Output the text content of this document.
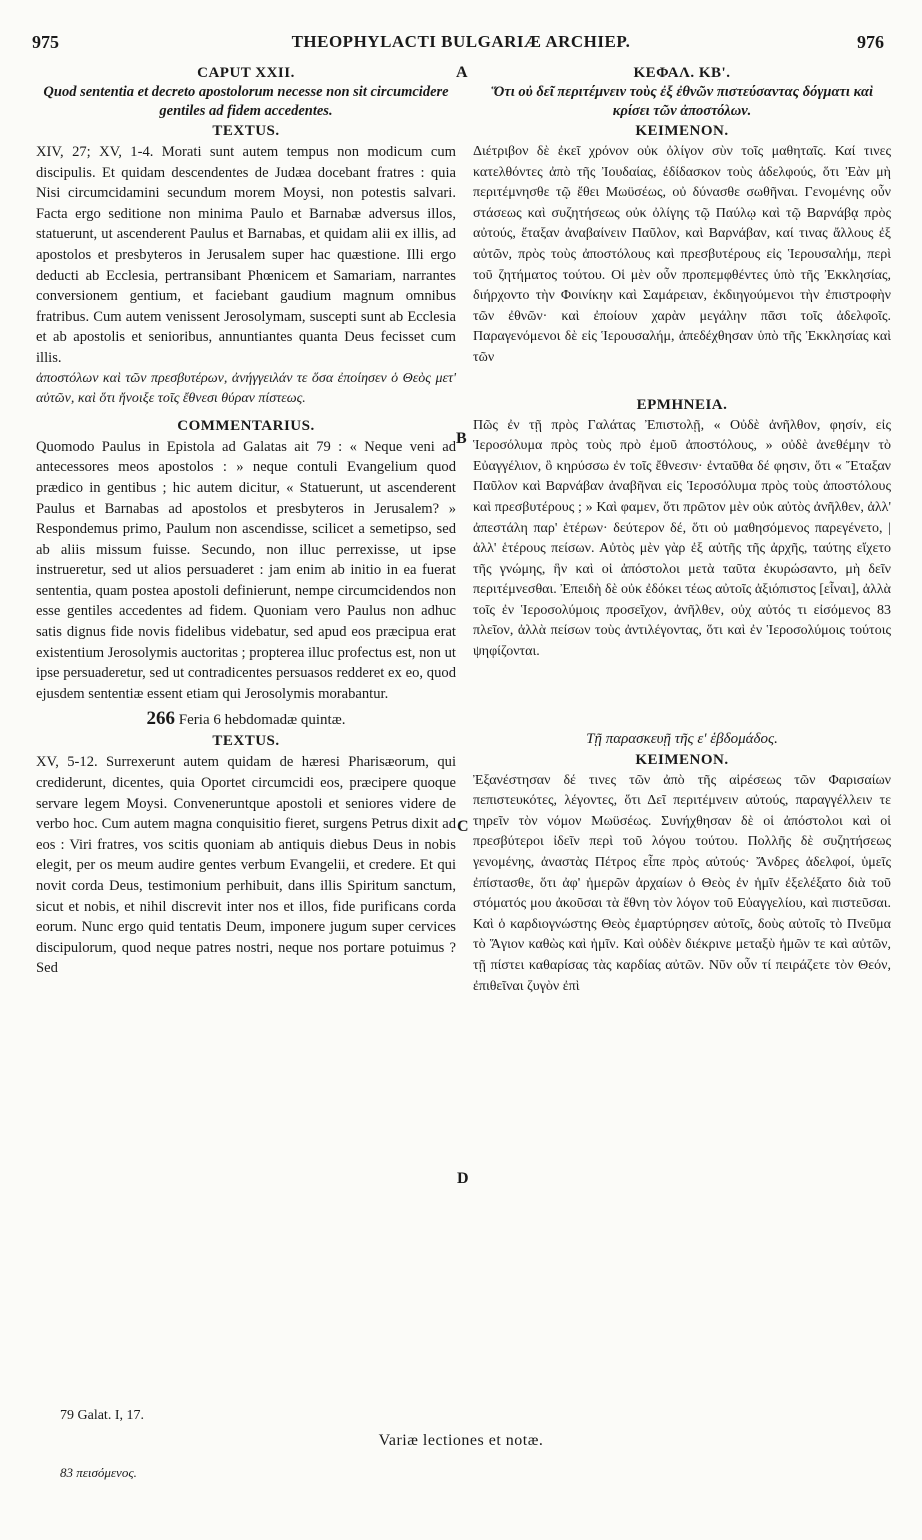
975	THEOPHYLACTI BULGARIÆ ARCHIEP.	976
A
B
C
D
CAPUT XXII.
Quod sententia et decreto apostolorum necesse non sit circumcidere gentiles ad fidem accedentes.
TEXTUS.
XIV, 27; XV, 1-4. Morati sunt autem tempus non modicum cum discipulis. Et quidam descendentes de Judæa docebant fratres : quia Nisi circumcidamini secundum morem Moysi, non potestis salvari. Facta ergo seditione non minima Paulo et Barnabæ adversus illos, statuerunt, ut ascenderent Paulus et Barnabas, et quidam alii ex illis, ad apostolos et presbyteros in Jerusalem super hac quæstione. Illi ergo deducti ab Ecclesia, pertransibant Phœnicem et Samariam, narrantes conversionem gentium, et faciebant gaudium magnum omnibus fratribus. Cum autem venissent Jerosolymam, suscepti sunt ab Ecclesia et ab apostolis et senioribus, annuntiantes quanta Deus fecisset cum illis.
ἀποστόλων καὶ τῶν πρεσβυτέρων, ἀνήγγειλάν τε ὅσα ἐποίησεν ὁ Θεὸς μετ' αὐτῶν, καὶ ὅτι ἤνοιξε τοῖς ἔθνεσι θύραν πίστεως.
COMMENTARIUS.
Quomodo Paulus in Epistola ad Galatas ait 79 : « Neque veni ad antecessores meos apostolos : » neque contuli Evangelium quod prædico in gentibus ; hic autem dicitur, « Statuerunt, ut ascenderent Paulus et Barnabas ad apostolos et presbyteros in Jerusalem? » Respondemus primo, Paulum non ascendisse, scilicet a semetipso, sed ab aliis missum fuisse. Secundo, non illuc perrexisse, ut ipse instrueretur, sed ut alios persuaderet : jam enim ab initio in ea fuerat sententia, quam postea apostoli definierunt, nempe circumcidendos non esse gentiles accedentes ad fidem. Quoniam vero Paulus non adhuc satis dignus fide novis fidelibus videbatur, sed apud eos præcipua erat existentium Jerosolymis auctoritas ; propterea illuc profectus est, non ut ipse persuaderetur, sed ut contradicentes persuasos redderet ex eo, quod ejusdem sententiæ essent etiam qui Jerosolymis morabantur.
266 Feria 6 hebdomadæ quintæ.
TEXTUS.
XV, 5-12. Surrexerunt autem quidam de hæresi Pharisæorum, qui crediderunt, dicentes, quia Oportet circumcidi eos, præcipere quoque servare legem Moysi. Conveneruntque apostoli et seniores videre de verbo hoc. Cum autem magna conquisitio fieret, surgens Petrus dixit ad eos : Viri fratres, vos scitis quoniam ab antiquis diebus Deus in nobis elegit, per os meum audire gentes verbum Evangelii, et credere. Et qui novit corda Deus, testimonium perhibuit, dans illis Spiritum sanctum, sicut et nobis, et nihil discrevit inter nos et illos, fide purificans corda eorum. Nunc ergo quid tentatis Deum, imponere jugum super cervices discipulorum, quod neque patres nostri, neque nos portare potuimus ? Sed
ΚΕΦΑΛ. ΚΒ'.
Ὅτι οὐ δεῖ περιτέμνειν τοὺς ἐξ ἐθνῶν πιστεύσαντας δόγματι καὶ κρίσει τῶν ἀποστόλων.
ΚΕΙΜΕΝΟΝ.
Διέτριβον δὲ ἐκεῖ χρόνον οὐκ ὀλίγον σὺν τοῖς μαθηταῖς. Καί τινες κατελθόντες ἀπὸ τῆς Ἰουδαίας, ἐδίδασκον τοὺς ἀδελφούς, ὅτι Ἐὰν μὴ περιτέμνησθε τῷ ἔθει Μωϋσέως, οὐ δύνασθε σωθῆναι. Γενομένης οὖν στάσεως καὶ συζητήσεως οὐκ ὀλίγης τῷ Παύλῳ καὶ τῷ Βαρνάβᾳ πρὸς αὐτούς, ἔταξαν ἀναβαίνειν Παῦλον, καὶ Βαρνάβαν, καί τινας ἄλλους ἐξ αὐτῶν, πρὸς τοὺς ἀποστόλους καὶ πρεσβυτέρους εἰς Ἱερουσαλήμ, περὶ τοῦ ζητήματος τούτου. Οἱ μὲν οὖν προπεμφθέντες ὑπὸ τῆς Ἐκκλησίας, διήρχοντο τὴν Φοινίκην καὶ Σαμάρειαν, ἐκδιηγούμενοι τὴν ἐπιστροφὴν τῶν ἐθνῶν· καὶ ἐποίουν χαρὰν μεγάλην πᾶσι τοῖς ἀδελφοῖς. Παραγενόμενοι δὲ εἰς Ἱερουσαλήμ, ἀπεδέχθησαν ὑπὸ τῆς Ἐκκλησίας καὶ τῶν
ΕΡΜΗΝΕΙΑ.
Πῶς ἐν τῇ πρὸς Γαλάτας Ἐπιστολῇ, « Οὐδὲ ἀνῆλθον, φησίν, εἰς Ἱεροσόλυμα πρὸς τοὺς πρὸ ἐμοῦ ἀποστόλους, » οὐδὲ ἀνεθέμην τὸ Εὐαγγέλιον, ὃ κηρύσσω ἐν τοῖς ἔθνεσιν· ἐνταῦθα δέ φησιν, ὅτι « Ἔταξαν Παῦλον καὶ Βαρνάβαν ἀναβῆναι εἰς Ἱεροσόλυμα πρὸς τοὺς ἀποστόλους καὶ πρεσβυτέρους ; » Καὶ φαμεν, ὅτι πρῶτον μὲν οὐκ αὐτὸς ἀνῆλθεν, ἀλλ' ἀπεστάλη παρ' ἑτέρων· δεύτερον δέ, ὅτι οὐ μαθησόμενος παρεγένετο, | ἀλλ' ἑτέρους πείσων. Αὐτὸς μὲν γὰρ ἐξ αὐτῆς τῆς ἀρχῆς, ταύτης εἴχετο τῆς γνώμης, ἣν καὶ οἱ ἀπόστολοι μετὰ ταῦτα ἐκυρώσαντο, μὴ δεῖν περιτέμνεσθαι. Ἐπειδὴ δὲ οὐκ ἐδόκει τέως αὐτοῖς ἀξιόπιστος [εἶναι], ἀλλὰ τοῖς ἐν Ἱεροσολύμοις προσεῖχον, ἀνῆλθεν, οὐχ αὐτός τι εἰσόμενος 83 πλεῖον, ἀλλὰ πείσων τοὺς ἀντιλέγοντας, ὅτι καὶ ἐν Ἱεροσολύμοις τούτοις ψηφίζονται.
Τῇ παρασκευῇ τῆς ε' ἑβδομάδος.
ΚΕΙΜΕΝΟΝ.
Ἐξανέστησαν δέ τινες τῶν ἀπὸ τῆς αἱρέσεως τῶν Φαρισαίων πεπιστευκότες, λέγοντες, ὅτι Δεῖ περιτέμνειν αὐτούς, παραγγέλλειν τε τηρεῖν τὸν νόμον Μωϋσέως. Συνήχθησαν δὲ οἱ ἀπόστολοι καὶ οἱ πρεσβύτεροι ἰδεῖν περὶ τοῦ λόγου τούτου. Πολλῆς δὲ συζητήσεως γενομένης, ἀναστὰς Πέτρος εἶπε πρὸς αὐτούς· Ἄνδρες ἀδελφοί, ὑμεῖς ἐπίστασθε, ὅτι ἀφ' ἡμερῶν ἀρχαίων ὁ Θεὸς ἐν ἡμῖν ἐξελέξατο διὰ τοῦ στόματός μου ἀκοῦσαι τὰ ἔθνη τὸν λόγον τοῦ Εὐαγγελίου, καὶ πιστεῦσαι. Καὶ ὁ καρδιογνώστης Θεὸς ἐμαρτύρησεν αὐτοῖς, δοὺς αὐτοῖς τὸ Πνεῦμα τὸ Ἅγιον καθὼς καὶ ἡμῖν. Καὶ οὐδὲν διέκρινε μεταξὺ ἡμῶν τε καὶ αὐτῶν, τῇ πίστει καθαρίσας τὰς καρδίας αὐτῶν. Νῦν οὖν τί πειράζετε τὸν Θεόν, ἐπιθεῖναι ζυγὸν ἐπὶ
79 Galat. I, 17.
Variæ lectiones et notæ.
83 πεισόμενος.
